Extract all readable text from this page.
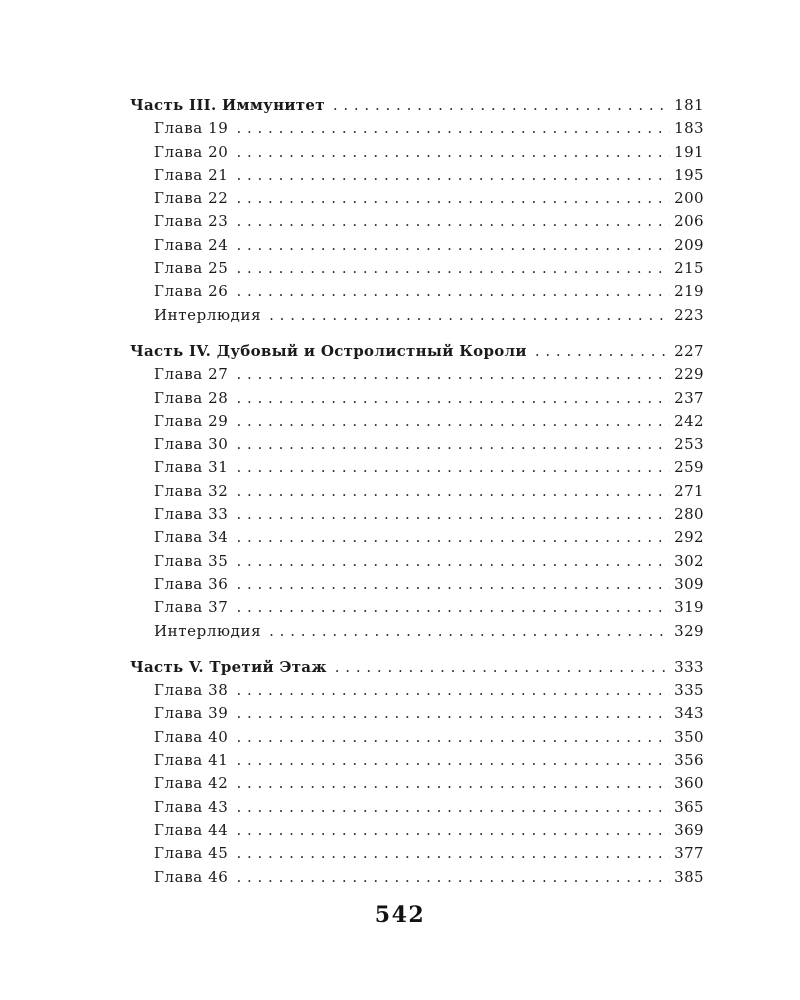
Часть III. Иммунитет . . .	181
Глава 19 . . .	183
Глава 20 . . .	191
Глава 21 . . .	195
Глава 22 . . .	200
Глава 23 . . .	206
Глава 24 . . .	209
Глава 25 . . .	215
Глава 26 . . .	219
Интерлюдия . . .	223
Часть IV. Дубовый и Остролистный Короли . . .	227
Глава 27 . . .	229
Глава 28 . . .	237
Глава 29 . . .	242
Глава 30 . . .	253
Глава 31 . . .	259
Глава 32 . . .	271
Глава 33 . . .	280
Глава 34 . . .	292
Глава 35 . . .	302
Глава 36 . . .	309
Глава 37 . . .	319
Интерлюдия . . .	329
Часть V. Третий Этаж . . .	333
Глава 38 . . .	335
Глава 39 . . .	343
Глава 40 . . .	350
Глава 41 . . .	356
Глава 42 . . .	360
Глава 43 . . .	365
Глава 44 . . .	369
Глава 45 . . .	377
Глава 46 . . .	385
542
